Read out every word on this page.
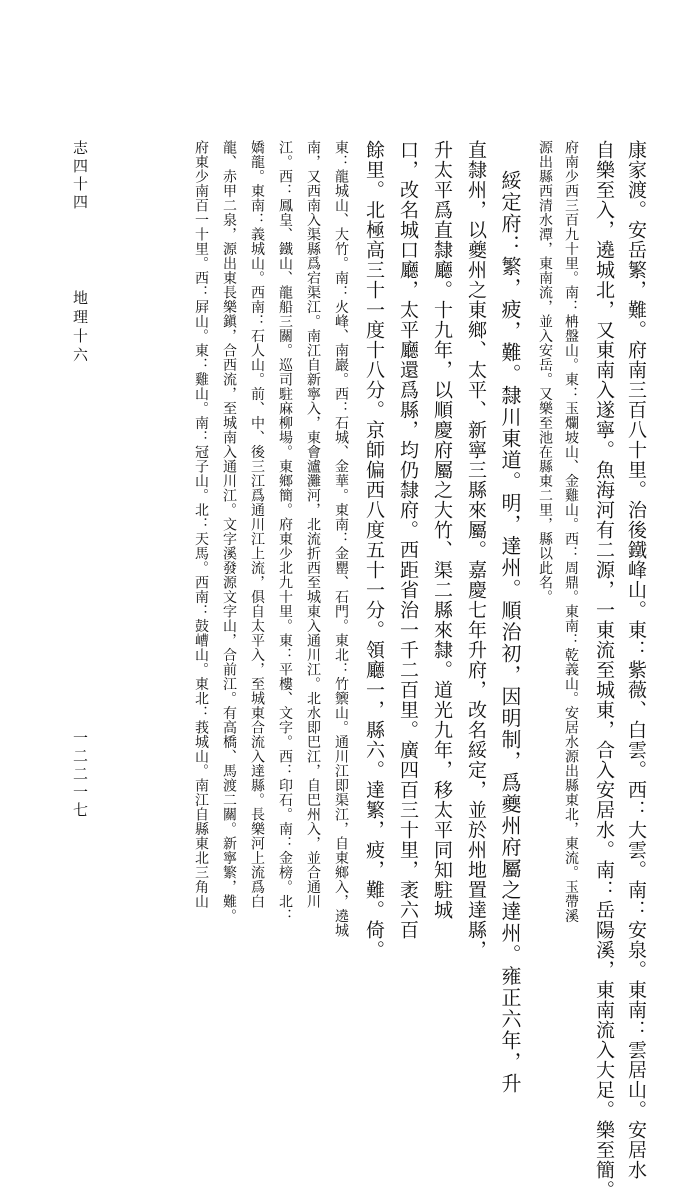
康家渡。安岳繁，難。府南三百八十里。治後鐵峰山。東：紫薇、白雲。西：大雲。南：安泉。東南：雲居山。安居水
自樂至入，遶城北，又東南入遂寧。魚海河有二源，一東流至城東，合入安居水。南：岳陽溪，東南流入大足。樂至簡。
府南少西三百九十里。南：柟盤山。東：玉爛坡山、金雞山。西：周鼎。東南：乾義山。安居水源出縣東北，東流。玉帶溪
源出縣西清水潭，東南流，並入安岳。又樂至池在縣東二里，縣以此名。
綏定府：繁，疲，難。隸川東道。明，達州。順治初，因明制，爲夔州府屬之達州。雍正六年，升
直隸州，以夔州之東鄉、太平、新寧三縣來屬。嘉慶七年升府，改名綏定，並於州地置達縣，
升太平爲直隸廳。十九年，以順慶府屬之大竹、渠二縣來隸。道光九年，移太平同知駐城
口，改名城口廳，太平廳還爲縣，均仍隸府。西距省治一千二百里。廣四百三十里，袤六百
餘里。北極高三十一度十八分。京師偏西八度五十一分。領廳一，縣六。達繁，疲，難。倚。
東：龍城山、大竹。南：火峰、南巖。西：石城、金華。東南：金罌、石門。東北：竹籞山。通川江即渠江，自東鄉入，遶城
南，又西南入渠縣爲宕渠江。南江自新寧入，東會瀘灘河，北流折西至城東入通川江。北水即巴江，自巴州入，並合通川
江。西：鳳皇、鐵山、龍船三關。巡司駐麻柳場。東鄉簡。府東少北九十里。東：平樓、文字。西：印石。南：金榜。北：
嬌龍。東南：義城山。西南：石人山。前、中、後三江爲通川江上流，俱自太平入，至城東合流入達縣。長樂河上流爲白
龍、赤甲二泉，源出東長樂鎭，合西流，至城南入通川江。文字溪發源文字山，合前江。有高橋、馬渡二關。新寧繁，難。
府東少南百一十里。西：屛山。東：雞山。南：冠子山。北：天馬。西南：鼓嶆山。東北：莪城山。南江自縣東北三角山
志四十四
地理十六
一二二一七
